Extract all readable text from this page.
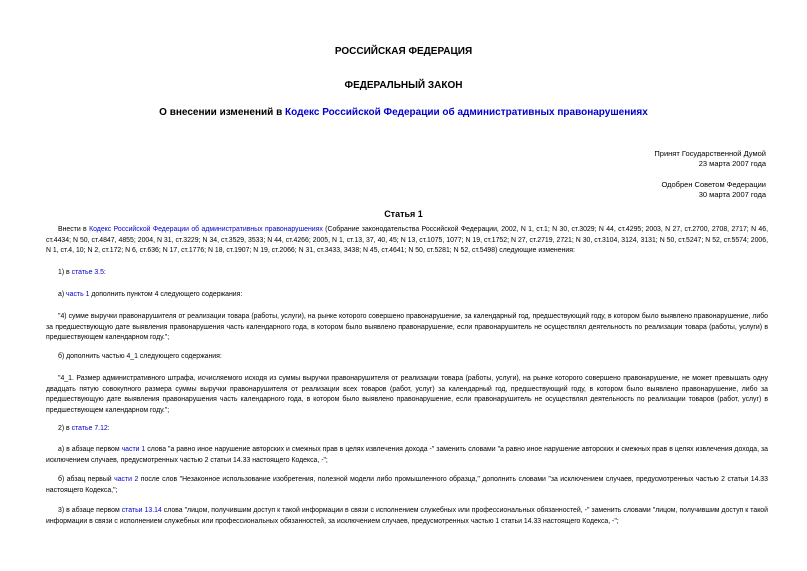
РОССИЙСКАЯ ФЕДЕРАЦИЯ
ФЕДЕРАЛЬНЫЙ ЗАКОН
О внесении изменений в Кодекс Российской Федерации об административных правонарушениях
Принят Государственной Думой
23 марта 2007 года
Одобрен Советом Федерации
30 марта 2007 года
Статья 1
Внести в Кодекс Российской Федерации об административных правонарушениях (Собрание законодательства Российской Федерации, 2002, N 1, ст.1; N 30, ст.3029; N 44, ст.4295; 2003, N 27, ст.2700, 2708, 2717; N 46, ст.4434; N 50, ст.4847, 4855; 2004, N 31, ст.3229; N 34, ст.3529, 3533; N 44, ст.4266; 2005, N 1, ст.13, 37, 40, 45; N 13, ст.1075, 1077; N 19, ст.1752; N 27, ст.2719, 2721; N 30, ст.3104, 3124, 3131; N 50, ст.5247; N 52, ст.5574; 2006, N 1, ст.4, 10; N 2, ст.172; N 6, ст.636; N 17, ст.1776; N 18, ст.1907; N 19, ст.2066; N 31, ст.3433, 3438; N 45, ст.4641; N 50, ст.5281; N 52, ст.5498) следующие изменения:
1) в статье 3.5:
а) часть 1 дополнить пунктом 4 следующего содержания:
"4) сумме выручки правонарушителя от реализации товара (работы, услуги), на рынке которого совершено правонарушение, за календарный год, предшествующий году, в котором было выявлено правонарушение, либо за предшествующую дате выявления правонарушения часть календарного года, в котором было выявлено правонарушение, если правонарушитель не осуществлял деятельность по реализации товара (работы, услуги) в предшествующем календарном году.";
б) дополнить частью 4_1 следующего содержания:
"4_1. Размер административного штрафа, исчисляемого исходя из суммы выручки правонарушителя от реализации товара (работы, услуги), на рынке которого совершено правонарушение, не может превышать одну двадцать пятую совокупного размера суммы выручки правонарушителя от реализации всех товаров (работ, услуг) за календарный год, предшествующий году, в котором было выявлено правонарушение, либо за предшествующую дате выявления правонарушения часть календарного года, в котором было выявлено правонарушение, если правонарушитель не осуществлял деятельность по реализации товаров (работ, услуг) в предшествующем календарном году.";
2) в статье 7.12:
а) в абзаце первом части 1 слова "а равно иное нарушение авторских и смежных прав в целях извлечения дохода -" заменить словами "а равно иное нарушение авторских и смежных прав в целях извлечения дохода, за исключением случаев, предусмотренных частью 2 статьи 14.33 настоящего Кодекса, -";
б) абзац первый части 2 после слов "Незаконное использование изобретения, полезной модели либо промышленного образца," дополнить словами "за исключением случаев, предусмотренных частью 2 статьи 14.33 настоящего Кодекса,";
3) в абзаце первом статьи 13.14 слова "лицом, получившим доступ к такой информации в связи с исполнением служебных или профессиональных обязанностей, -" заменить словами "лицом, получившим доступ к такой информации в связи с исполнением служебных или профессиональных обязанностей, за исключением случаев, предусмотренных частью 1 статьи 14.33 настоящего Кодекса, -";
